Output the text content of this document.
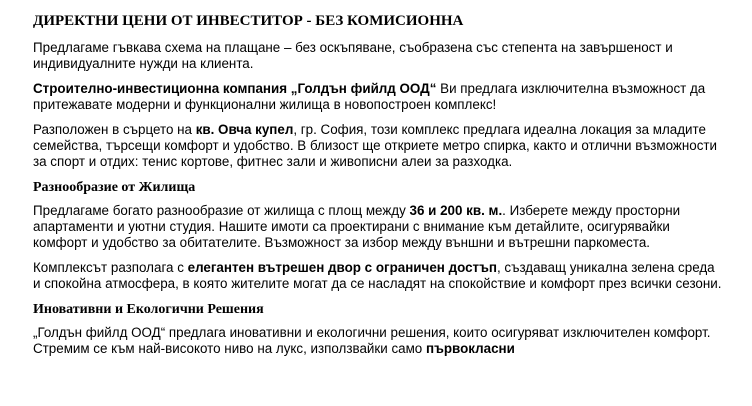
ДИРЕКТНИ ЦЕНИ ОТ ИНВЕСТИТОР - БЕЗ КОМИСИОННА

Предлагаме гъвкава схема на плащане – без оскъпяване, съобразена със степента на завършеност и индивидуалните нужди на клиента.

Строително-инвестиционна компания „Голдън фийлд ООД“ Ви предлага изключителна възможност да притежавате модерни и функционални жилища в новопостроен комплекс!

Разположен в сърцето на кв. Овча купел, гр. София, този комплекс предлага идеална локация за младите семейства, търсещи комфорт и удобство. В близост ще откриете метро спирка, както и отлични възможности за спорт и отдих: тенис кортове, фитнес зали и живописни алеи за разходка.

Разнообразие от Жилища

Предлагаме богато разнообразие от жилища с площ между 36 и 200 кв. м.. Изберете между просторни апартаменти и уютни студия. Нашите имоти са проектирани с внимание към детайлите, осигурявайки комфорт и удобство за обитателите. Възможност за избор между външни и вътрешни паркоместа.

Комплексът разполага с елегантен вътрешен двор с ограничен достъп, създаващ уникална зелена среда и спокойна атмосфера, в която жителите могат да се насладят на спокойствие и комфорт през всички сезони.

Иновативни и Екологични Решения

„Голдън фийлд ООД“ предлага иновативни и екологични решения, които осигуряват изключителен комфорт. Стремим се към най-високото ниво на лукс, използвайки само първокласни
